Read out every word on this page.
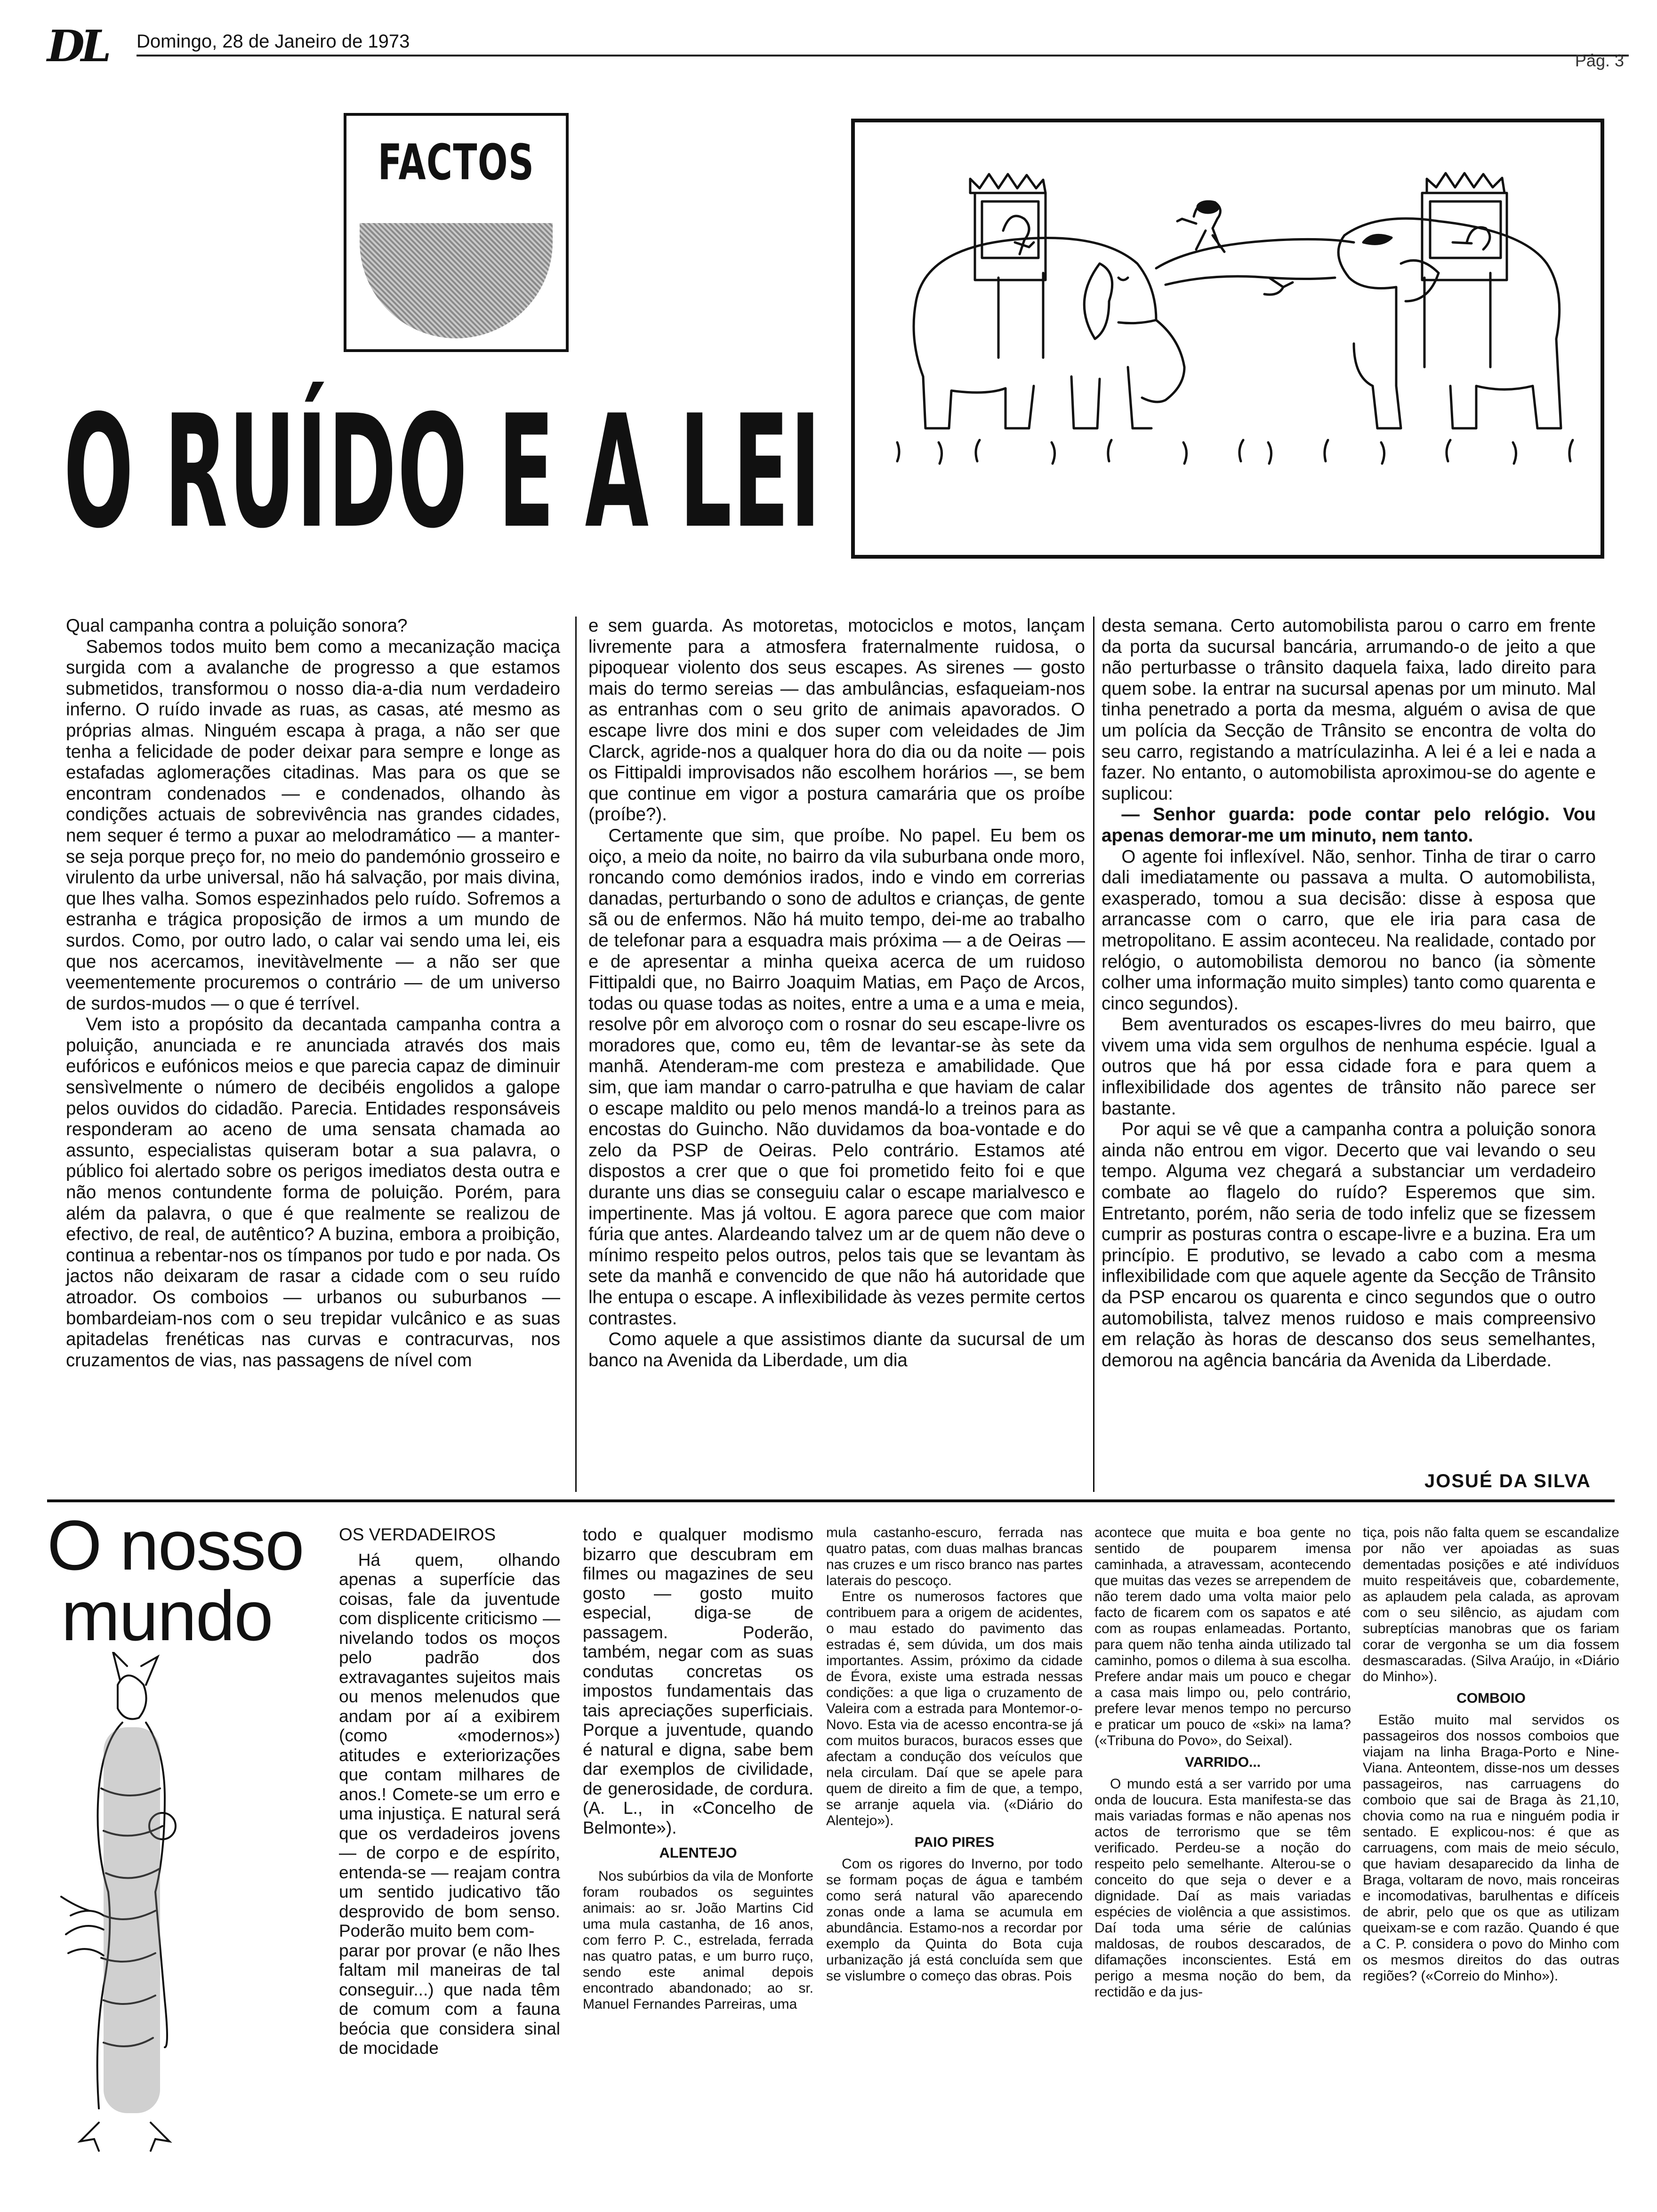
DL Domingo, 28 de Janeiro de 1973
Pág. 3
FACTOS
O RUÍDO E A LEI

Qual campanha contra a poluição sonora?

Sabemos todos muito bem como a mecanização maciça surgida com a avalanche de progresso a que estamos submetidos, transformou o nosso dia-a-dia num verdadeiro inferno. O ruído invade as ruas, as casas, até mesmo as próprias almas. Ninguém escapa à praga, a não ser que tenha a felicidade de poder deixar para sempre e longe as estafadas aglomerações citadinas. Mas para os que se encontram condenados — e condenados, olhando às condições actuais de sobrevivência nas grandes cidades, nem sequer é termo a puxar ao melodramático — a manter-se seja porque preço for, no meio do pandemónio grosseiro e virulento da urbe universal, não há salvação, por mais divina, que lhes valha. Somos espezinhados pelo ruído. Sofremos a estranha e trágica proposição de irmos a um mundo de surdos. Como, por outro lado, o calar vai sendo uma lei, eis que nos acercamos, inevitàvelmente — a não ser que veementemente procuremos o contrário — de um universo de surdos-mudos — o que é terrível.

Vem isto a propósito da decantada campanha contra a poluição, anunciada e re anunciada através dos mais eufóricos e eufónicos meios e que parecia capaz de diminuir sensìvelmente o número de decibéis engolidos a galope pelos ouvidos do cidadão. Parecia. Entidades responsáveis responderam ao aceno de uma sensata chamada ao assunto, especialistas quiseram botar a sua palavra, o público foi alertado sobre os perigos imediatos desta outra e não menos contundente forma de poluição. Porém, para além da palavra, o que é que realmente se realizou de efectivo, de real, de autêntico? A buzina, embora a proibição, continua a rebentar-nos os tímpanos por tudo e por nada. Os jactos não deixaram de rasar a cidade com o seu ruído atroador. Os comboios — urbanos ou suburbanos — bombardeiam-nos com o seu trepidar vulcânico e as suas apitadelas frenéticas nas curvas e contracurvas, nos cruzamentos de vias, nas passagens de nível com

e sem guarda. As motoretas, motociclos e motos, lançam livremente para a atmosfera fraternalmente ruidosa, o pipoquear violento dos seus escapes. As sirenes — gosto mais do termo sereias — das ambulâncias, esfaqueiam-nos as entranhas com o seu grito de animais apavorados. O escape livre dos mini e dos super com veleidades de Jim Clarck, agride-nos a qualquer hora do dia ou da noite — pois os Fittipaldi improvisados não escolhem horários —, se bem que continue em vigor a postura camarária que os proíbe (proíbe?).

Certamente que sim, que proíbe. No papel. Eu bem os oiço, a meio da noite, no bairro da vila suburbana onde moro, roncando como demónios irados, indo e vindo em correrias danadas, perturbando o sono de adultos e crianças, de gente sã ou de enfermos. Não há muito tempo, dei-me ao trabalho de telefonar para a esquadra mais próxima — a de Oeiras — e de apresentar a minha queixa acerca de um ruidoso Fittipaldi que, no Bairro Joaquim Matias, em Paço de Arcos, todas ou quase todas as noites, entre a uma e a uma e meia, resolve pôr em alvoroço com o rosnar do seu escape-livre os moradores que, como eu, têm de levantar-se às sete da manhã. Atenderam-me com presteza e amabilidade. Que sim, que iam mandar o carro-patrulha e que haviam de calar o escape maldito ou pelo menos mandá-lo a treinos para as encostas do Guincho. Não duvidamos da boa-vontade e do zelo da PSP de Oeiras. Pelo contrário. Estamos até dispostos a crer que o que foi prometido feito foi e que durante uns dias se conseguiu calar o escape marialvesco e impertinente. Mas já voltou. E agora parece que com maior fúria que antes. Alardeando talvez um ar de quem não deve o mínimo respeito pelos outros, pelos tais que se levantam às sete da manhã e convencido de que não há autoridade que lhe entupa o escape. A inflexibilidade às vezes permite certos contrastes.

Como aquele a que assistimos diante da sucursal de um banco na Avenida da Liberdade, um dia

desta semana. Certo automobilista parou o carro em frente da porta da sucursal bancária, arrumando-o de jeito a que não perturbasse o trânsito daquela faixa, lado direito para quem sobe. Ia entrar na sucursal apenas por um minuto. Mal tinha penetrado a porta da mesma, alguém o avisa de que um polícia da Secção de Trânsito se encontra de volta do seu carro, registando a matrículazinha. A lei é a lei e nada a fazer. No entanto, o automobilista aproximou-se do agente e suplicou:

— Senhor guarda: pode contar pelo relógio. Vou apenas demorar-me um minuto, nem tanto.

O agente foi inflexível. Não, senhor. Tinha de tirar o carro dali imediatamente ou passava a multa. O automobilista, exasperado, tomou a sua decisão: disse à esposa que arrancasse com o carro, que ele iria para casa de metropolitano. E assim aconteceu. Na realidade, contado por relógio, o automobilista demorou no banco (ia sòmente colher uma informação muito simples) tanto como quarenta e cinco segundos).

Bem aventurados os escapes-livres do meu bairro, que vivem uma vida sem orgulhos de nenhuma espécie. Igual a outros que há por essa cidade fora e para quem a inflexibilidade dos agentes de trânsito não parece ser bastante.

Por aqui se vê que a campanha contra a poluição sonora ainda não entrou em vigor. Decerto que vai levando o seu tempo. Alguma vez chegará a substanciar um verdadeiro combate ao flagelo do ruído? Esperemos que sim. Entretanto, porém, não seria de todo infeliz que se fizessem cumprir as posturas contra o escape-livre e a buzina. Era um princípio. E produtivo, se levado a cabo com a mesma inflexibilidade com que aquele agente da Secção de Trânsito da PSP encarou os quarenta e cinco segundos que o outro automobilista, talvez menos ruidoso e mais compreensivo em relação às horas de descanso dos seus semelhantes, demorou na agência bancária da Avenida da Liberdade.

JOSUÉ DA SILVA
O nosso
mundo

OS VERDADEIROS

Há quem, olhando apenas a superfície das coisas, fale da juventude com displicente criticismo — nivelando todos os moços pelo padrão dos extravagantes sujeitos mais ou menos melenudos que andam por aí a exibirem (como «modernos») atitudes e exteriorizações que contam milhares de anos.! Comete-se um erro e uma injustiça. E natural será que os verdadeiros jovens — de corpo e de espírito, entenda-se — reajam contra um sentido judicativo tão desprovido de bom senso. Poderão muito bem com-

parar por provar (e não lhes faltam mil maneiras de tal conseguir...) que nada têm de comum com a fauna beócia que considera sinal de mocidade

todo e qualquer modismo bizarro que descubram em filmes ou magazines de seu gosto — gosto muito especial, diga-se de passagem. Poderão, também, negar com as suas condutas concretas os impostos fundamentais das tais apreciações superficiais. Porque a juventude, quando é natural e digna, sabe bem dar exemplos de civilidade, de generosidade, de cordura. (A. L., in «Concelho de Belmonte»).

ALENTEJO

Nos subúrbios da vila de Monforte foram roubados os seguintes animais: ao sr. João Martins Cid uma mula castanha, de 16 anos, com ferro P. C., estrelada, ferrada nas quatro patas, e um burro ruço, sendo este animal depois encontrado abandonado; ao sr. Manuel Fernandes Parreiras, uma

mula castanho-escuro, ferrada nas quatro patas, com duas malhas brancas nas cruzes e um risco branco nas partes laterais do pescoço.

Entre os numerosos factores que contribuem para a origem de acidentes, o mau estado do pavimento das estradas é, sem dúvida, um dos mais importantes. Assim, próximo da cidade de Évora, existe uma estrada nessas condições: a que liga o cruzamento de Valeira com a estrada para Montemor-o-Novo. Esta via de acesso encontra-se já com muitos buracos, buracos esses que afectam a condução dos veículos que nela circulam. Daí que se apele para quem de direito a fim de que, a tempo, se arranje aquela via. («Diário do Alentejo»).

PAIO PIRES

Com os rigores do Inverno, por todo se formam poças de água e também como será natural vão aparecendo zonas onde a lama se acumula em abundância. Estamo-nos a recordar por exemplo da Quinta do Bota cuja urbanização já está concluída sem que se vislumbre o começo das obras. Pois

acontece que muita e boa gente no sentido de pouparem imensa caminhada, a atravessam, acontecendo que muitas das vezes se arrependem de não terem dado uma volta maior pelo facto de ficarem com os sapatos e até com as roupas enlameadas. Portanto, para quem não tenha ainda utilizado tal caminho, pomos o dilema à sua escolha. Prefere andar mais um pouco e chegar a casa mais limpo ou, pelo contrário, prefere levar menos tempo no percurso e praticar um pouco de «ski» na lama? («Tribuna do Povo», do Seixal).

VARRIDO...

O mundo está a ser varrido por uma onda de loucura. Esta manifesta-se das mais variadas formas e não apenas nos actos de terrorismo que se têm verificado. Perdeu-se a noção do respeito pelo semelhante. Alterou-se o conceito do que seja o dever e a dignidade. Daí as mais variadas espécies de violência a que assistimos. Daí toda uma série de calúnias maldosas, de roubos descarados, de difamações inconscientes. Está em perigo a mesma noção do bem, da rectidão e da jus-

tiça, pois não falta quem se escandalize por não ver apoiadas as suas dementadas posições e até indivíduos muito respeitáveis que, cobardemente, as aplaudem pela calada, as aprovam com o seu silêncio, as ajudam com subreptícias manobras que os fariam corar de vergonha se um dia fossem desmascaradas. (Silva Araújo, in «Diário do Minho»).

COMBOIO

Estão muito mal servidos os passageiros dos nossos comboios que viajam na linha Braga-Porto e Nine-Viana. Anteontem, disse-nos um desses passageiros, nas carruagens do comboio que sai de Braga às 21,10, chovia como na rua e ninguém podia ir sentado. E explicou-nos: é que as carruagens, com mais de meio século, que haviam desaparecido da linha de Braga, voltaram de novo, mais ronceiras e incomodativas, barulhentas e difíceis de abrir, pelo que os que as utilizam queixam-se e com razão. Quando é que a C. P. considera o povo do Minho com os mesmos direitos do das outras regiões? («Correio do Minho»).
